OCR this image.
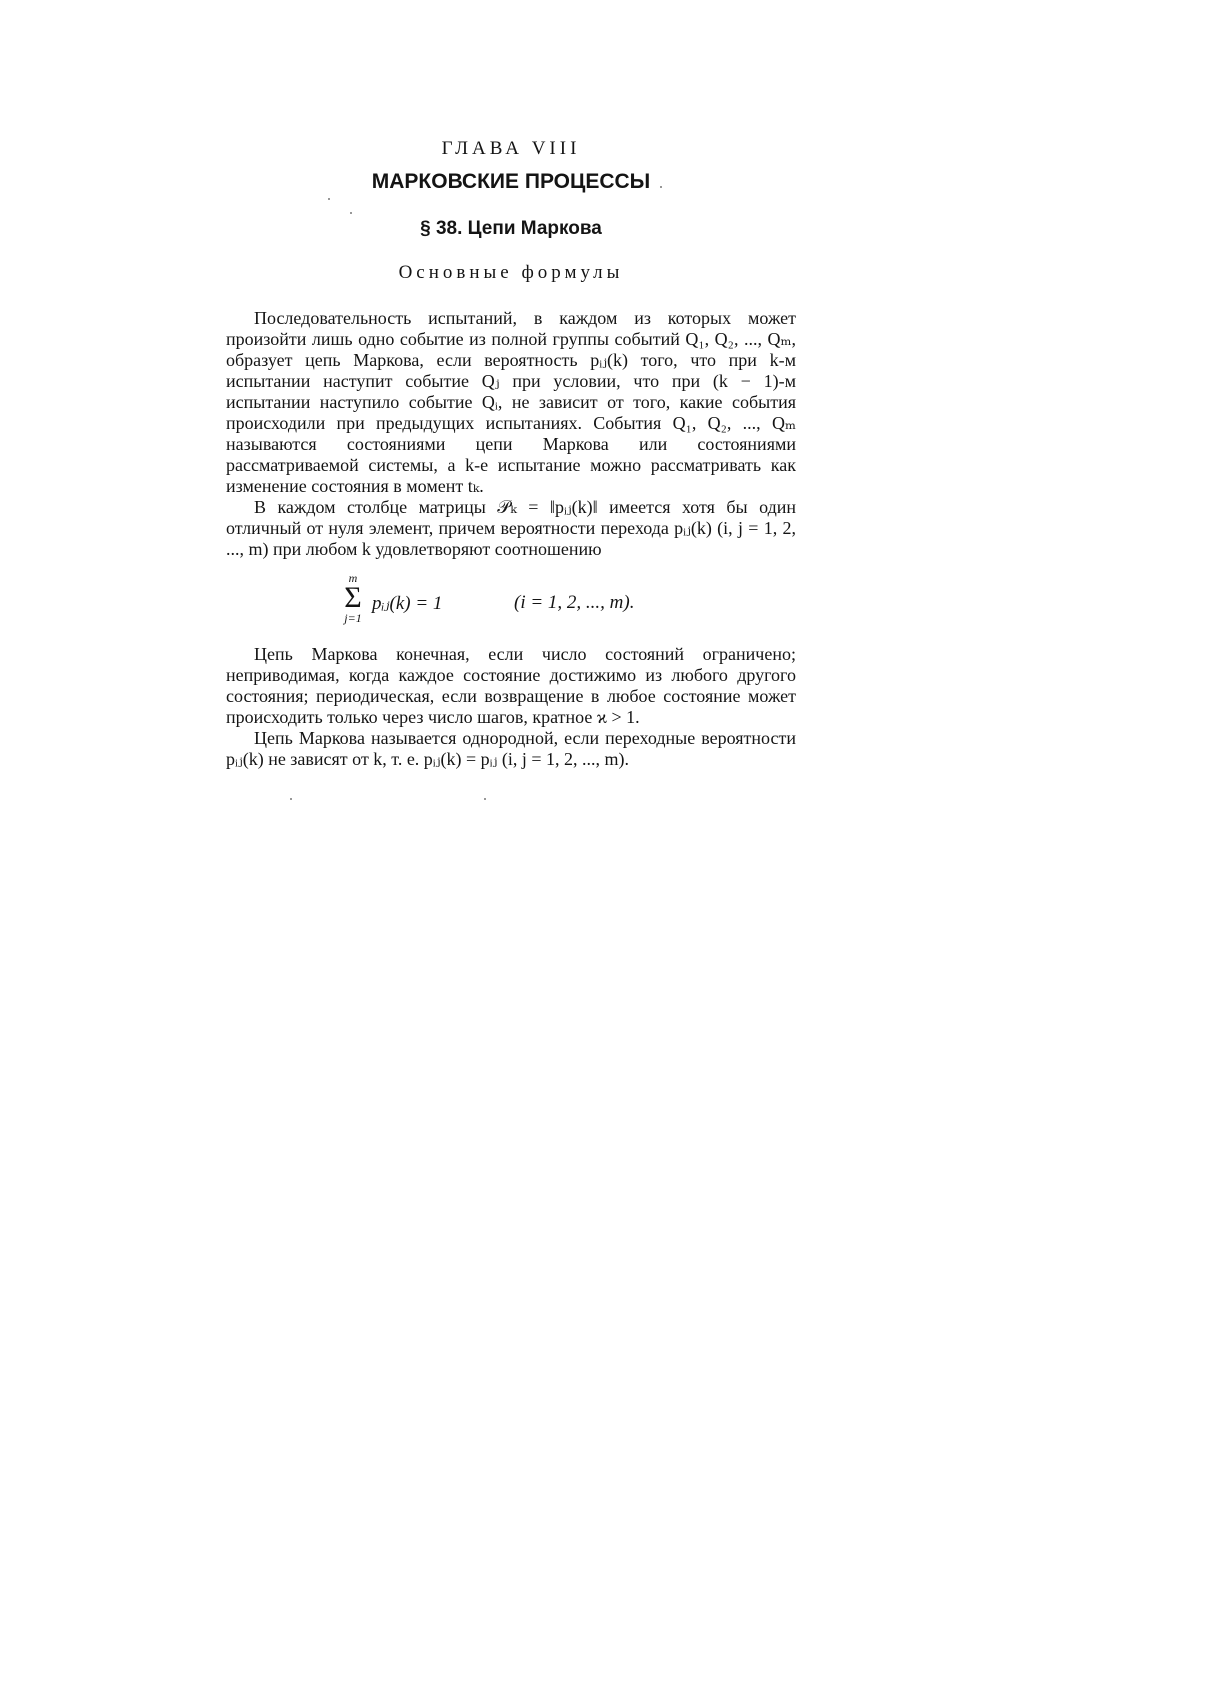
ГЛАВА VIII
МАРКОВСКИЕ ПРОЦЕССЫ
§ 38. Цепи Маркова
Основные формулы

Последовательность испытаний, в каждом из которых может произойти лишь одно событие из полной группы событий Q₁, Q₂, ..., Qₘ, образует цепь Маркова, если вероятность pᵢⱼ(k) того, что при k-м испытании наступит событие Qⱼ при условии, что при (k − 1)-м испытании наступило событие Qᵢ, не зависит от того, какие события происходили при предыдущих испытаниях. События Q₁, Q₂, ..., Qₘ называются состояниями цепи Маркова или состояниями рассматриваемой системы, а k-е испытание можно рассматривать как изменение состояния в момент tₖ.

В каждом столбце матрицы 𝒫ₖ = ‖pᵢⱼ(k)‖ имеется хотя бы один отличный от нуля элемент, причем вероятности перехода pᵢⱼ(k) (i, j = 1, 2, ..., m) при любом k удовлетворяют соотношению

m
Σ
j=1
pᵢⱼ(k) = 1	(i = 1, 2, ..., m).

Цепь Маркова конечная, если число состояний ограничено; неприводимая, когда каждое состояние достижимо из любого другого состояния; периодическая, если возвращение в любое состояние может происходить только через число шагов, кратное ϰ > 1.

Цепь Маркова называется однородной, если переходные вероятности pᵢⱼ(k) не зависят от k, т. е. pᵢⱼ(k) = pᵢⱼ (i, j = 1, 2, ..., m).
